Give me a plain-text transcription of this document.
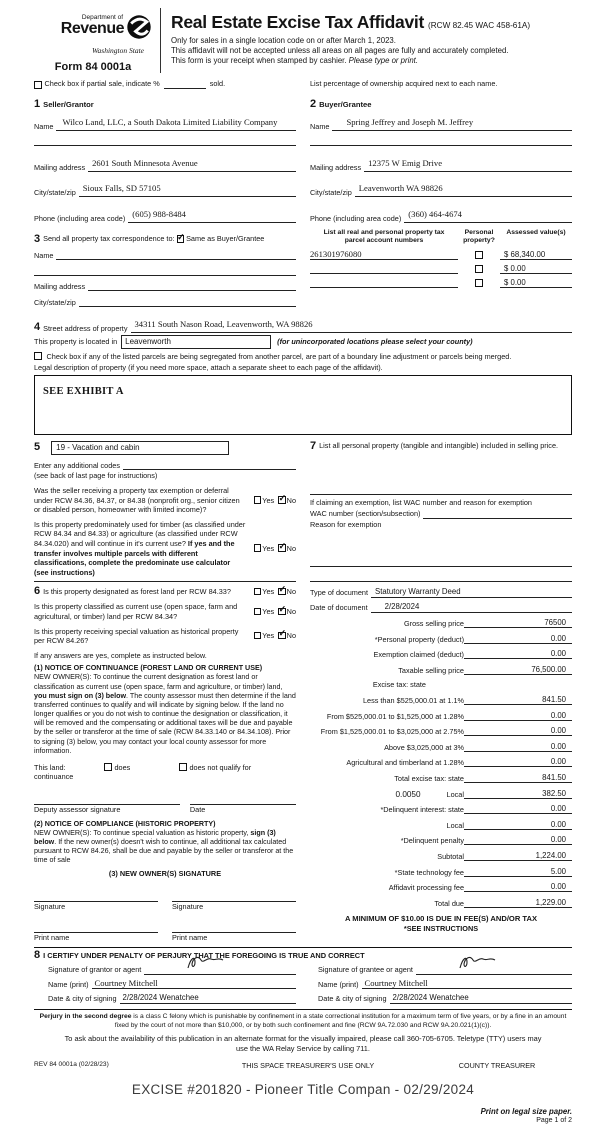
Department of
Revenue
Washington State
Form 84 0001a
Real Estate Excise Tax Affidavit (RCW 82.45 WAC 458-61A)
Only for sales in a single location code on or after March 1, 2023.
This affidavit will not be accepted unless all areas on all pages are fully and accurately completed.
This form is your receipt when stamped by cashier. Please type or print.
Check box if partial sale, indicate %	sold.	List percentage of ownership acquired next to each name.
1 Seller/Grantor
Name	Wilco Land, LLC, a South Dakota Limited Liability Company
Mailing address 2601 South Minnesota Avenue
City/state/zip Sioux Falls, SD 57105
Phone (including area code) (605) 988-8484
2 Buyer/Grantee
Name	Spring Jeffrey and Joseph M. Jeffrey
Mailing address 12375 W Emig Drive
City/state/zip Leavenworth WA 98826
Phone (including area code) (360) 464-4674
3 Send all property tax correspondence to: ✓ Same as Buyer/Grantee
Name
Mailing address
City/state/zip
List all real and personal property tax parcel account numbers
Personal property?
Assessed value(s)
261301976080	$ 68,340.00
$ 0.00
$ 0.00
4 Street address of property 34311 South Nason Road, Leavenworth, WA 98826
This property is located in	Leavenworth	(for unincorporated locations please select your county)
Check box if any of the listed parcels are being segregated from another parcel, are part of a boundary line adjustment or parcels being merged.
Legal description of property (if you need more space, attach a separate sheet to each page of the affidavit).
SEE EXHIBIT A
5	19 - Vacation and cabin
Enter any additional codes
(see back of last page for instructions)
Was the seller receiving a property tax exemption or deferral under RCW 84.36, 84.37, or 84.38 (nonprofit org., senior citizen or disabled person, homeowner with limited income)?
Yes ✓ No
Is this property predominately used for timber (as classified under RCW 84.34 and 84.33) or agriculture (as classified under RCW 84.34.020) and will continue in it's current use? If yes and the transfer involves multiple parcels with different classifications, complete the predominate use calculator (see instructions)
Yes ✓ No
7 List all personal property (tangible and intangible) included in selling price.
If claiming an exemption, list WAC number and reason for exemption
WAC number (section/subsection)
Reason for exemption
6 Is this property designated as forest land per RCW 84.33?	Yes ✓ No
Is this property classified as current use (open space, farm and agricultural, or timber) land per RCW 84.34?
Yes ✓ No
Is this property receiving special valuation as historical property per RCW 84.26?
Yes ✓ No
If any answers are yes, complete as instructed below.
(1) NOTICE OF CONTINUANCE (FOREST LAND OR CURRENT USE)
NEW OWNER(S): To continue the current designation as forest land or classification as current use (open space, farm and agriculture, or timber) land, you must sign on (3) below. The county assessor must then determine if the land transferred continues to qualify and will indicate by signing below. If the land no longer qualifies or you do not wish to continue the designation or classification, it will be removed and the compensating or additional taxes will be due and payable by the seller or transferor at the time of sale (RCW 84.33.140 or 84.34.108). Prior to signing (3) below, you may contact your local county assessor for more information.
This land:
continuance
does	does not qualify for
Deputy assessor signature	Date
(2) NOTICE OF COMPLIANCE (HISTORIC PROPERTY)
NEW OWNER(S): To continue special valuation as historic property, sign (3) below. If the new owner(s) doesn't wish to continue, all additional tax calculated pursuant to RCW 84.26, shall be due and payable by the seller or transferor at the time of sale
(3) NEW OWNER(S) SIGNATURE
Signature	Signature
Print name	Print name
Type of document Statutory Warranty Deed
Date of document	2/28/2024
Gross selling price	76500
*Personal property (deduct)	0.00
Exemption claimed (deduct)	0.00
Taxable selling price	76,500.00
Excise tax: state
Less than $525,000.01 at 1.1%	841.50
From $525,000.01 to $1,525,000 at 1.28%	0.00
From $1,525,000.01 to $3,025,000 at 2.75%	0.00
Above $3,025,000 at 3%	0.00
Agricultural and timberland at 1.28%	0.00
Total excise tax: state	841.50
0.0050	Local	382.50
*Delinquent interest: state	0.00
Local	0.00
*Delinquent penalty	0.00
Subtotal	1,224.00
*State technology fee	5.00
Affidavit processing fee	0.00
Total due	1,229.00
A MINIMUM OF $10.00 IS DUE IN FEE(S) AND/OR TAX
*SEE INSTRUCTIONS
8 I CERTIFY UNDER PENALTY OF PERJURY THAT THE FOREGOING IS TRUE AND CORRECT
Signature of grantor or agent
Name (print) Courtney Mitchell
Date & city of signing 2/28/2024 Wenatchee
Signature of grantee or agent
Name (print) Courtney Mitchell
Date & city of signing 2/28/2024 Wenatchee
Perjury in the second degree is a class C felony which is punishable by confinement in a state correctional institution for a maximum term of five years, or by a fine in an amount fixed by the court of not more than $10,000, or by both such confinement and fine (RCW 9A.72.030 and RCW 9A.20.021(1)(c)).
To ask about the availability of this publication in an alternate format for the visually impaired, please call 360-705-6705. Teletype (TTY) users may use the WA Relay Service by calling 711.
REV 84 0001a (02/28/23)	THIS SPACE TREASURER'S USE ONLY	COUNTY TREASURER
EXCISE #201820 - Pioneer Title Compan - 02/29/2024
Print on legal size paper.
Page 1 of 2
